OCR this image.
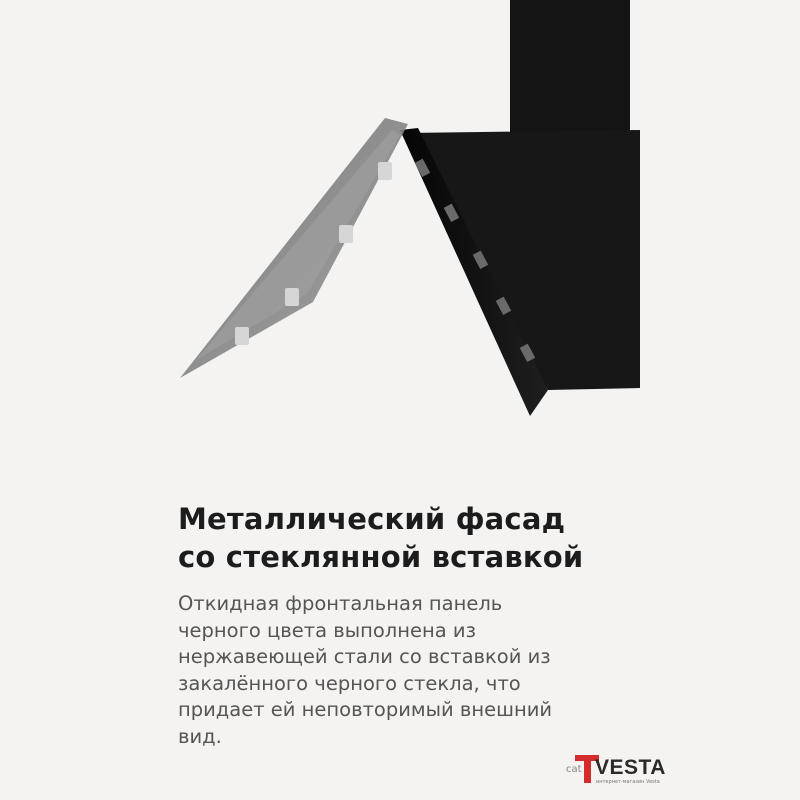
Металлический фасад
со стеклянной вставкой

Откидная фронтальная панель
черного цвета выполнена из
нержавеющей стали со вставкой из
закалённого черного стекла, что
придает ей неповторимый внешний
вид.

cat VESTA
интернет-магазин Vesta
